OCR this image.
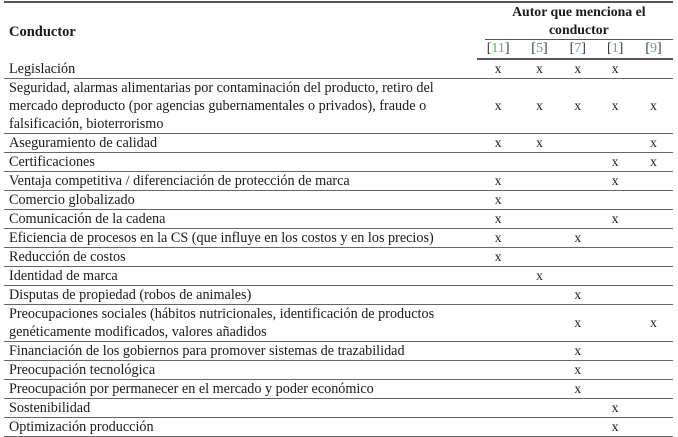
Conductor	Autor que menciona el conductor				

	[11]	[5]	[7]	[1]	[9]
Legislación	x	x	x	x	
Seguridad, alarmas alimentarias por contaminación del producto, retiro del mercado deproducto (por agencias gubernamentales o privados), fraude o falsificación, bioterrorismo	x	x	x	x	x
Aseguramiento de calidad	x	x			x
Certificaciones				x	x
Ventaja competitiva / diferenciación de protección de marca	x			x	
Comercio globalizado	x				
Comunicación de la cadena	x			x	
Eficiencia de procesos en la CS (que influye en los costos y en los precios)	x		x		
Reducción de costos	x				
Identidad de marca		x			
Disputas de propiedad (robos de animales)			x		
Preocupaciones sociales (hábitos nutricionales, identificación de productos genéticamente modificados, valores añadidos			x		x
Financiación de los gobiernos para promover sistemas de trazabilidad			x		
Preocupación tecnológica			x		
Preocupación por permanecer en el mercado y poder económico			x		
Sostenibilidad				x	
Optimización producción				x	
